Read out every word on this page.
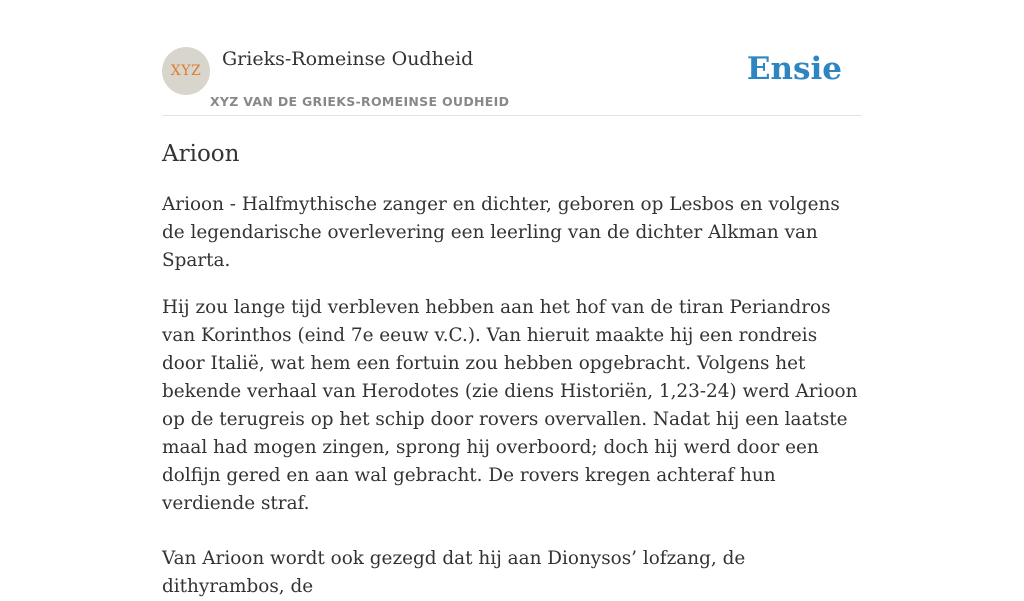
XYZ
Grieks-Romeinse Oudheid
XYZ VAN DE GRIEKS-ROMEINSE OUDHEID
Ensie
Arioon

Arioon - Halfmythische zanger en dichter, geboren op Lesbos en volgens de legendarische overlevering een leerling van de dichter Alkman van Sparta.

Hij zou lange tijd verbleven hebben aan het hof van de tiran Periandros van Korinthos (eind 7e eeuw v.C.). Van hieruit maakte hij een rondreis door Italië, wat hem een fortuin zou hebben opgebracht. Volgens het bekende verhaal van Herodotes (zie diens Historiën, 1,23-24) werd Arioon op de terugreis op het schip door rovers overvallen. Nadat hij een laatste maal had mogen zingen, sprong hij overboord; doch hij werd door een dolfijn gered en aan wal gebracht. De rovers kregen achteraf hun verdiende straf.

Van Arioon wordt ook gezegd dat hij aan Dionysos’ lofzang, de dithyrambos, de
